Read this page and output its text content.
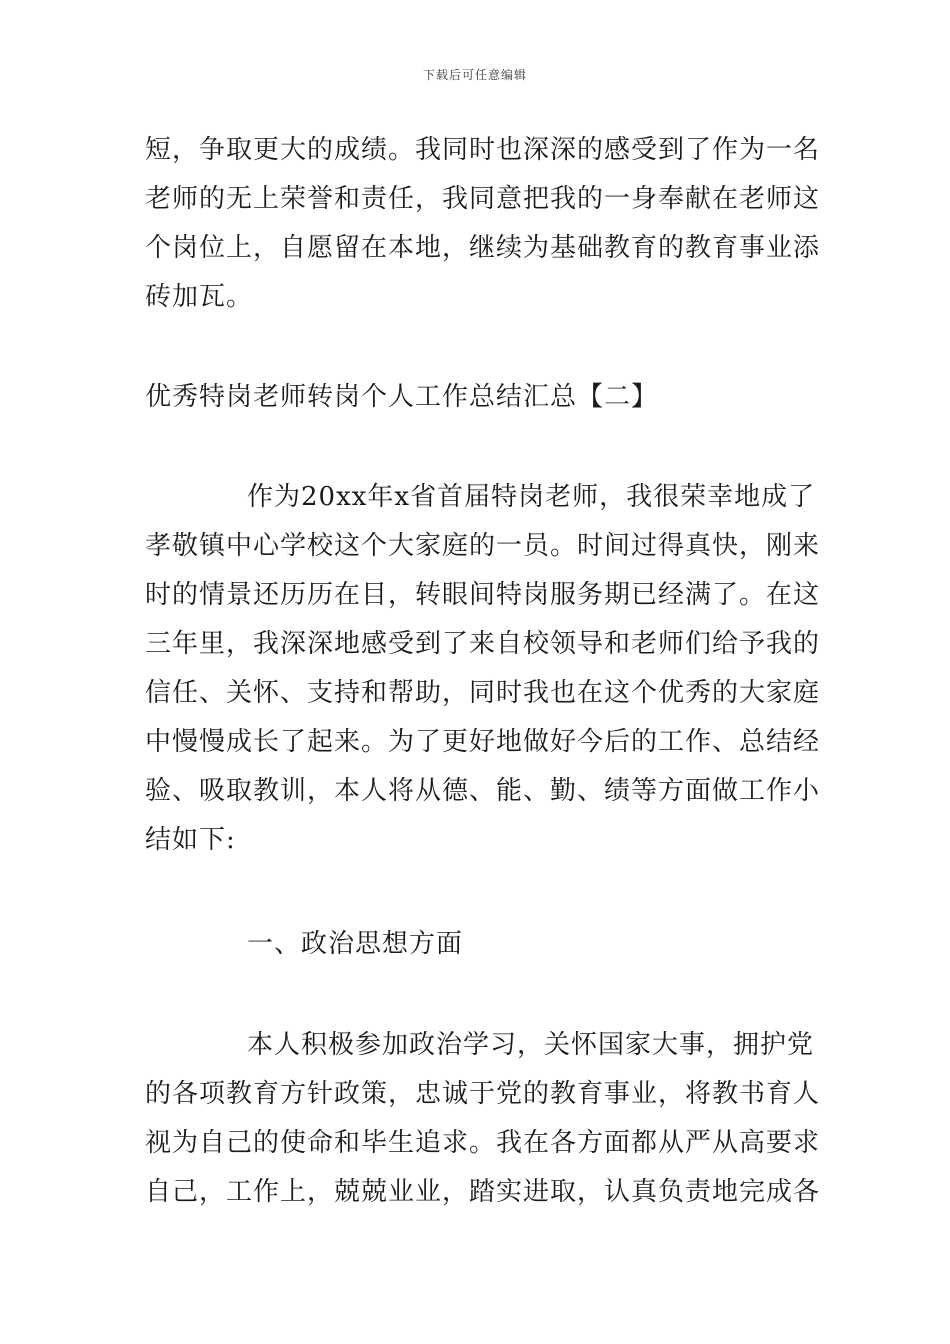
下载后可任意编辑

短，争取更大的成绩。我同时也深深的感受到了作为一名
老师的无上荣誉和责任，我同意把我的一身奉献在老师这
个岗位上，自愿留在本地，继续为基础教育的教育事业添
砖加瓦。

优秀特岗老师转岗个人工作总结汇总【二】

作为20xx年x省首届特岗老师，我很荣幸地成了
孝敬镇中心学校这个大家庭的一员。时间过得真快，刚来
时的情景还历历在目，转眼间特岗服务期已经满了。在这
三年里，我深深地感受到了来自校领导和老师们给予我的
信任、关怀、支持和帮助，同时我也在这个优秀的大家庭
中慢慢成长了起来。为了更好地做好今后的工作、总结经
验、吸取教训，本人将从德、能、勤、绩等方面做工作小
结如下:

一、政治思想方面

本人积极参加政治学习，关怀国家大事，拥护党
的各项教育方针政策，忠诚于党的教育事业，将教书育人
视为自己的使命和毕生追求。我在各方面都从严从高要求
自己，工作上，兢兢业业，踏实进取，认真负责地完成各
